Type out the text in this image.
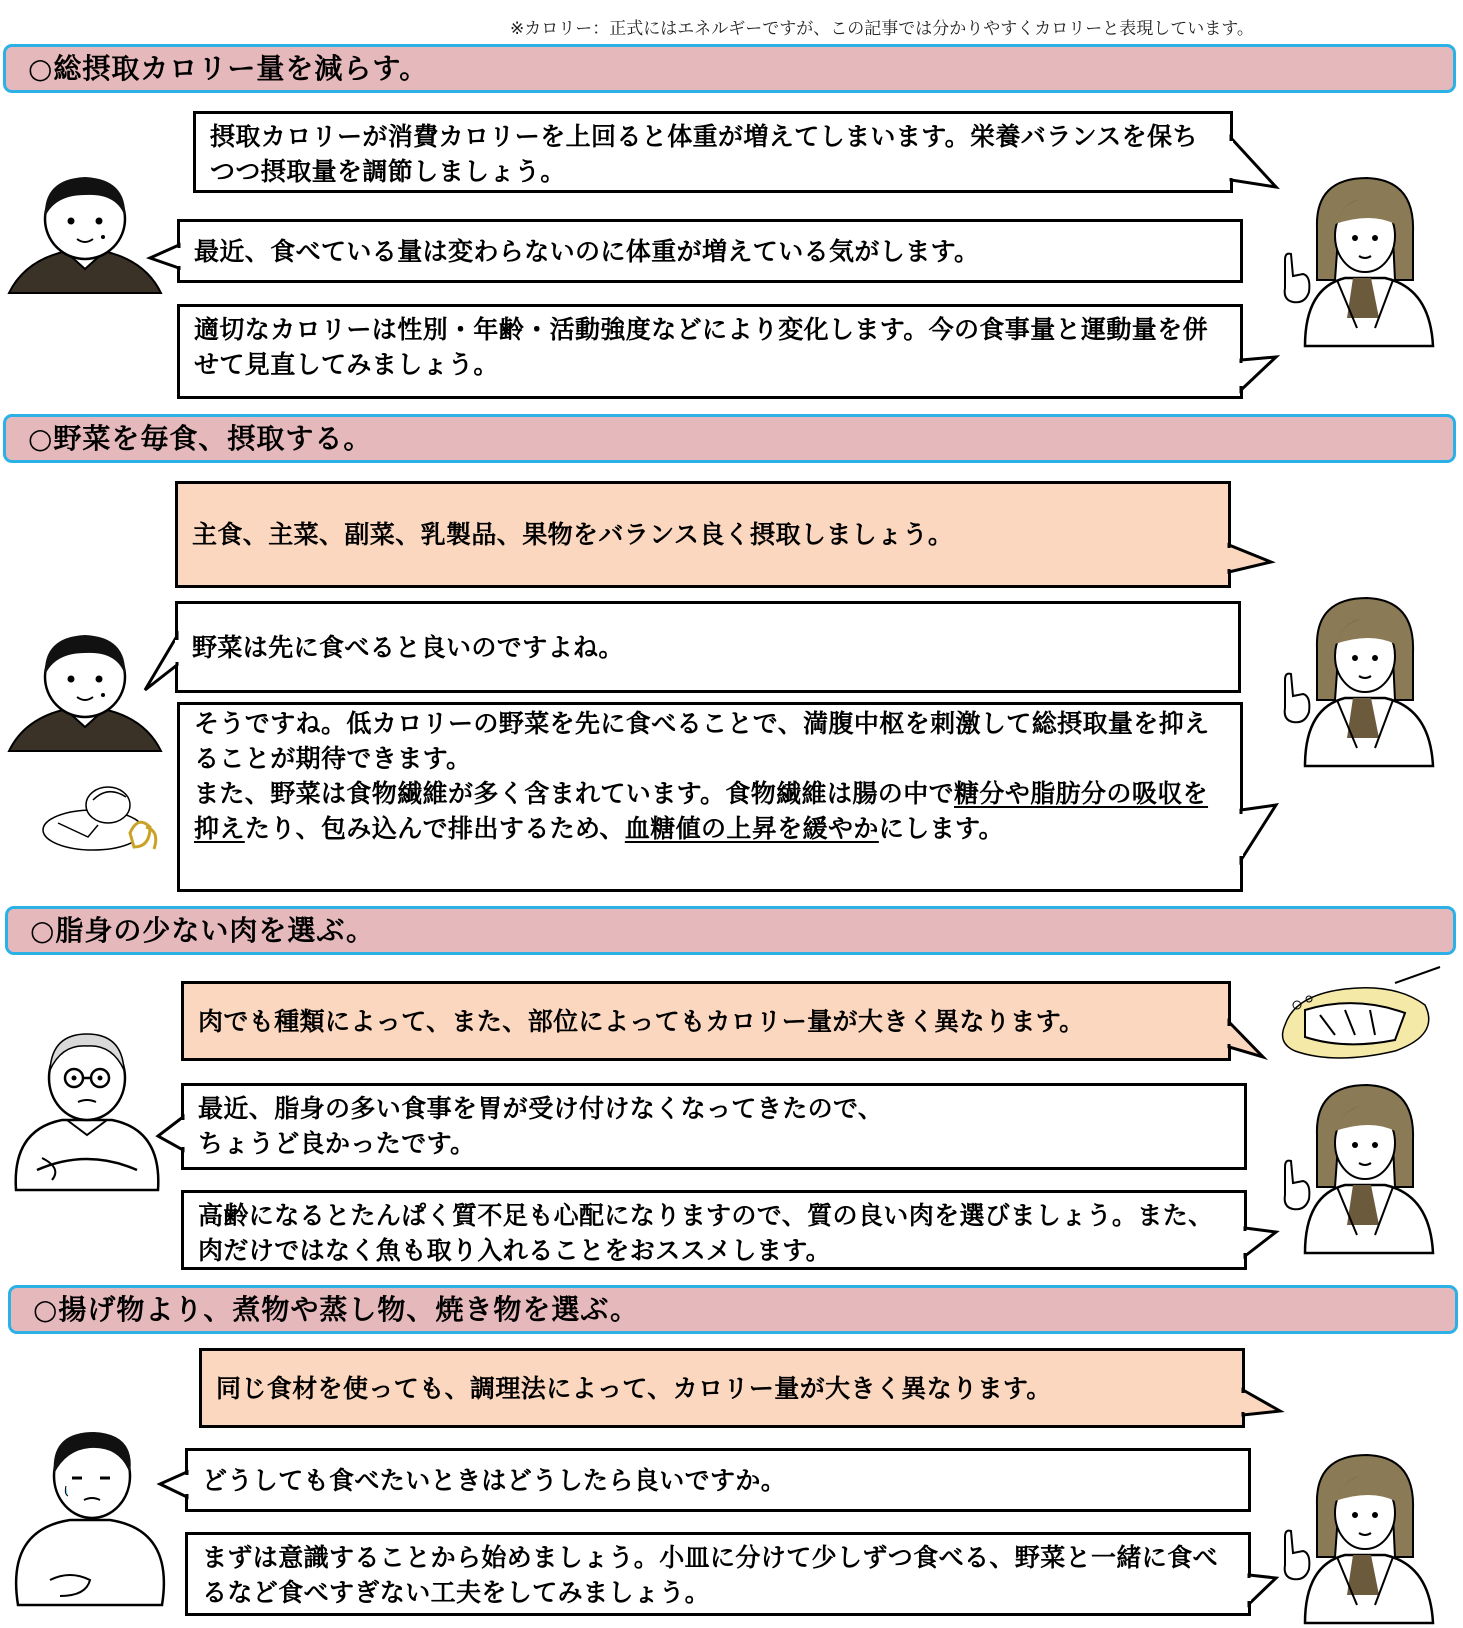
※カロリー：正式にはエネルギーですが、この記事では分かりやすくカロリーと表現しています。
○総摂取カロリー量を減らす。
摂取カロリーが消費カロリーを上回ると体重が増えてしまいます。栄養バランスを保ちつつ摂取量を調節しましょう。
最近、食べている量は変わらないのに体重が増えている気がします。
適切なカロリーは性別・年齢・活動強度などにより変化します。今の食事量と運動量を併せて見直してみましょう。
○野菜を毎食、摂取する。
主食、主菜、副菜、乳製品、果物をバランス良く摂取しましょう。
野菜は先に食べると良いのですよね。
そうですね。低カロリーの野菜を先に食べることで、満腹中枢を刺激して総摂取量を抑えることが期待できます。
また、野菜は食物繊維が多く含まれています。食物繊維は腸の中で糖分や脂肪分の吸収を抑えたり、包み込んで排出するため、血糖値の上昇を緩やかにします。
○脂身の少ない肉を選ぶ。
肉でも種類によって、また、部位によってもカロリー量が大きく異なります。
最近、脂身の多い食事を胃が受け付けなくなってきたので、
ちょうど良かったです。
高齢になるとたんぱく質不足も心配になりますので、質の良い肉を選びましょう。また、肉だけではなく魚も取り入れることをおススメします。
○揚げ物より、煮物や蒸し物、焼き物を選ぶ。
同じ食材を使っても、調理法によって、カロリー量が大きく異なります。
どうしても食べたいときはどうしたら良いですか。
まずは意識することから始めましょう。小皿に分けて少しずつ食べる、野菜と一緒に食べるなど食べすぎない工夫をしてみましょう。
